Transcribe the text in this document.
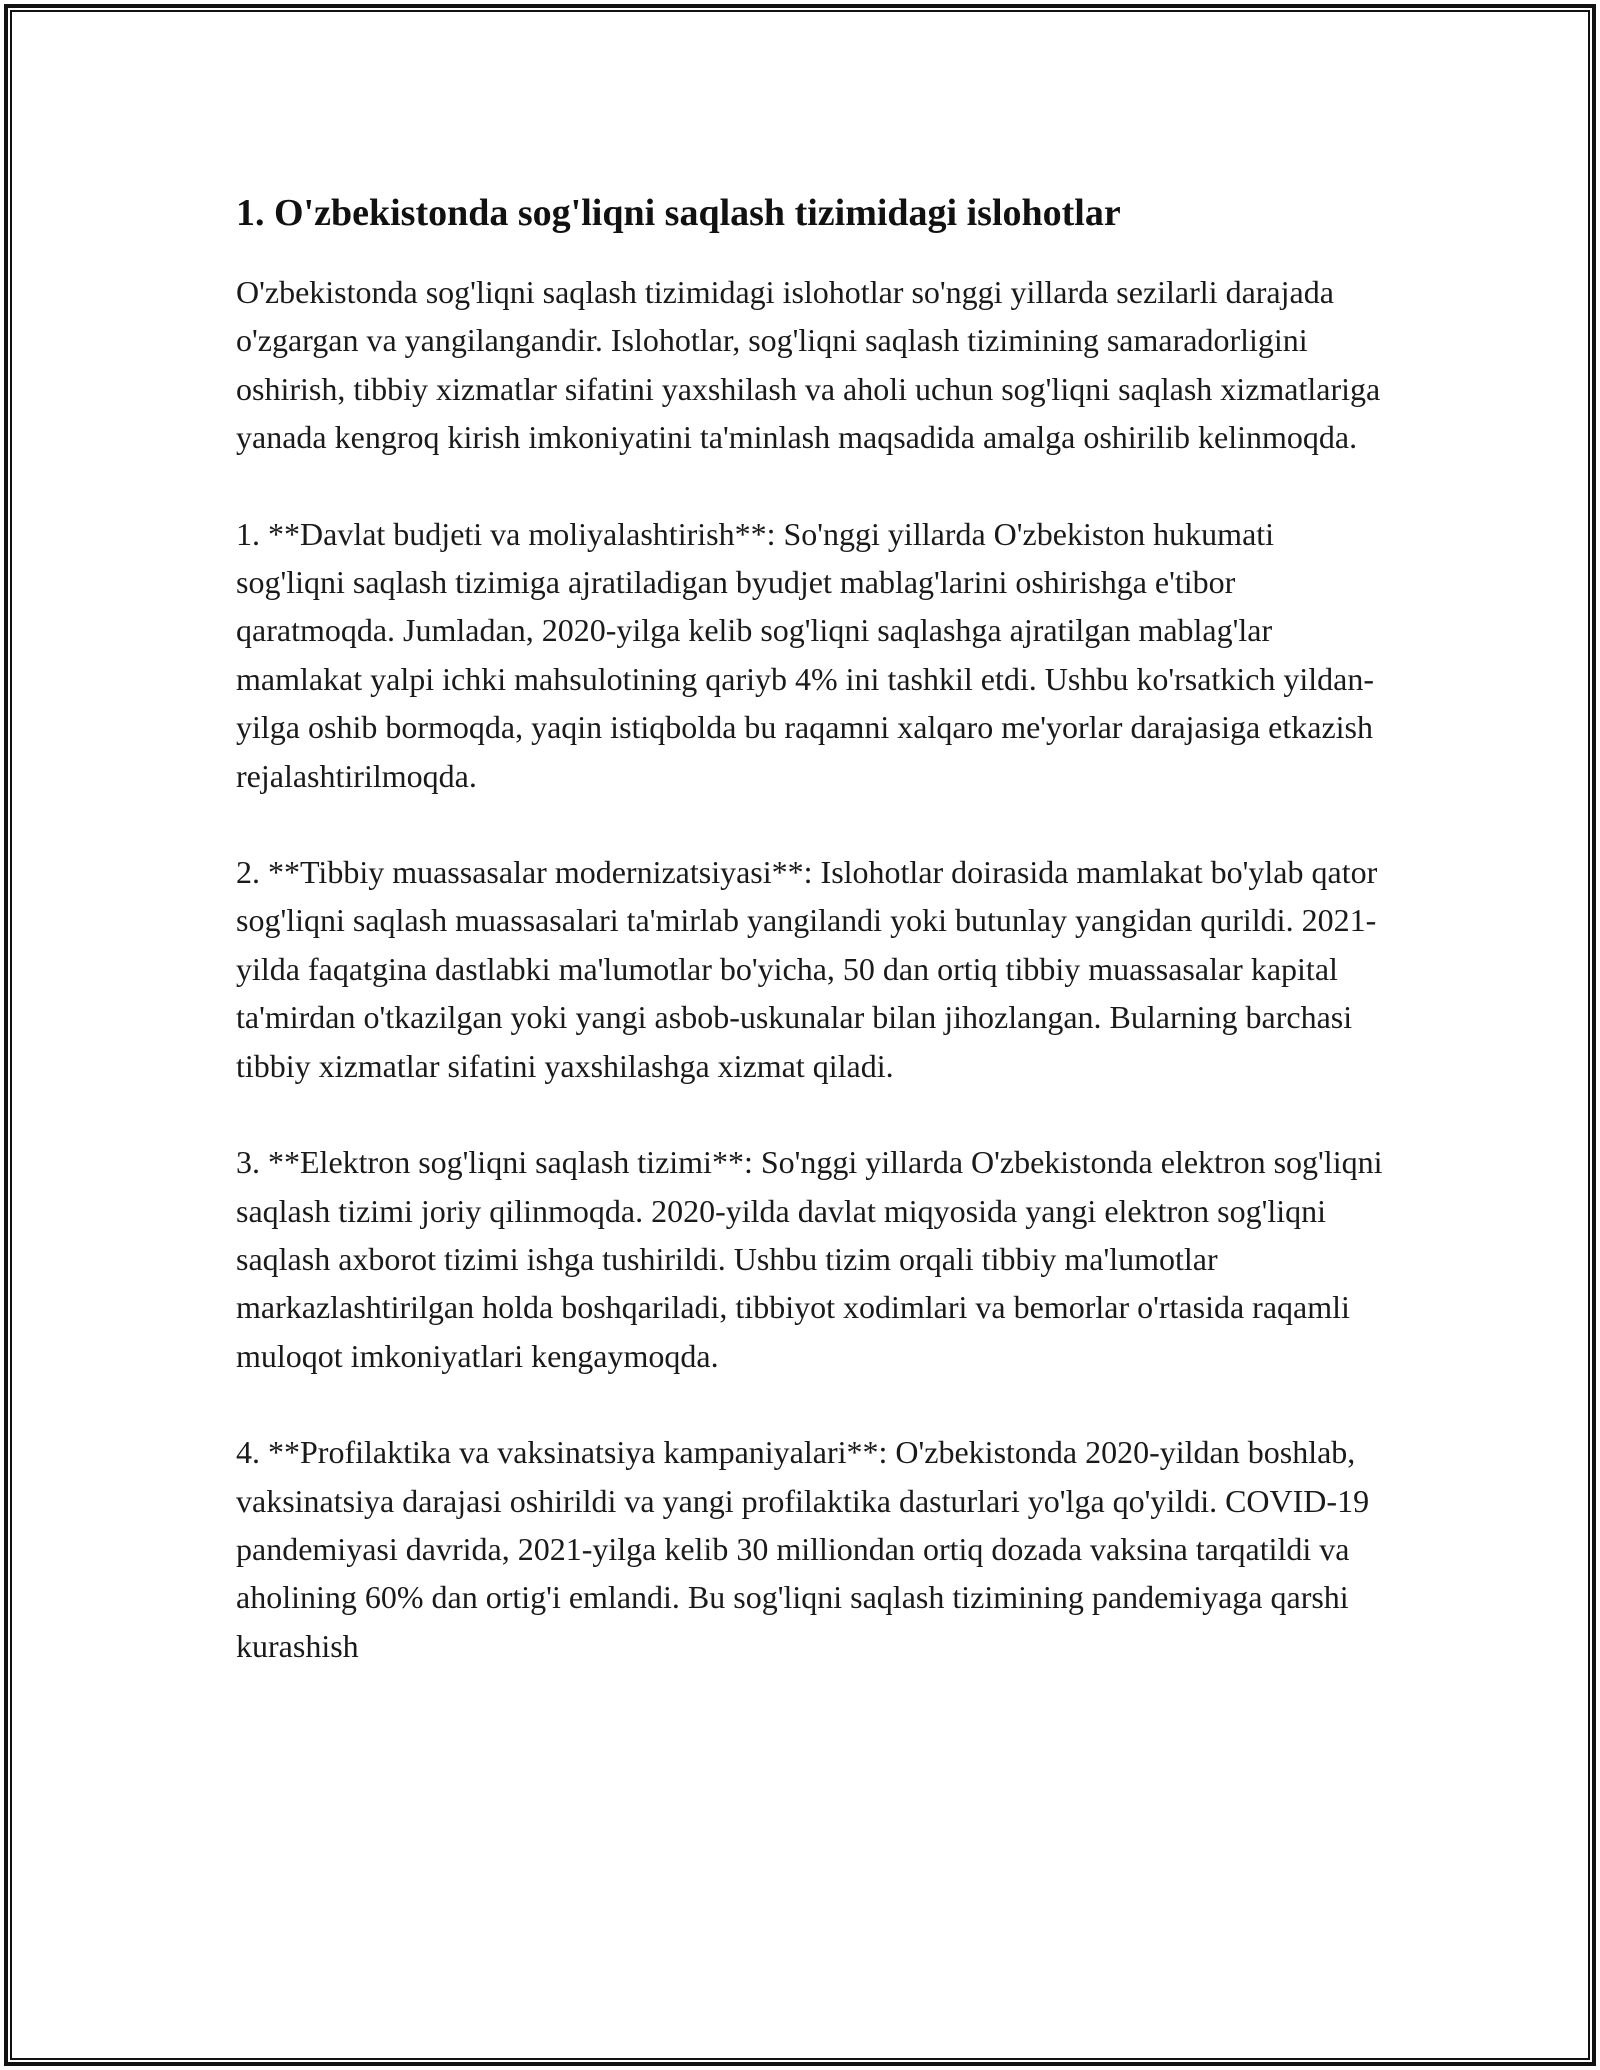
1. O'zbekistonda sog'liqni saqlash tizimidagi islohotlar

O'zbekistonda sog'liqni saqlash tizimidagi islohotlar so'nggi yillarda sezilarli darajada o'zgargan va yangilangandir. Islohotlar, sog'liqni saqlash tizimining samaradorligini oshirish, tibbiy xizmatlar sifatini yaxshilash va aholi uchun sog'liqni saqlash xizmatlariga yanada kengroq kirish imkoniyatini ta'minlash maqsadida amalga oshirilib kelinmoqda.

1. **Davlat budjeti va moliyalashtirish**: So'nggi yillarda O'zbekiston hukumati sog'liqni saqlash tizimiga ajratiladigan byudjet mablag'larini oshirishga e'tibor qaratmoqda. Jumladan, 2020-yilga kelib sog'liqni saqlashga ajratilgan mablag'lar mamlakat yalpi ichki mahsulotining qariyb 4% ini tashkil etdi. Ushbu ko'rsatkich yildan-yilga oshib bormoqda, yaqin istiqbolda bu raqamni xalqaro me'yorlar darajasiga etkazish rejalashtirilmoqda.

2. **Tibbiy muassasalar modernizatsiyasi**: Islohotlar doirasida mamlakat bo'ylab qator sog'liqni saqlash muassasalari ta'mirlab yangilandi yoki butunlay yangidan qurildi. 2021-yilda faqatgina dastlabki ma'lumotlar bo'yicha, 50 dan ortiq tibbiy muassasalar kapital ta'mirdan o'tkazilgan yoki yangi asbob-uskunalar bilan jihozlangan. Bularning barchasi tibbiy xizmatlar sifatini yaxshilashga xizmat qiladi.

3. **Elektron sog'liqni saqlash tizimi**: So'nggi yillarda O'zbekistonda elektron sog'liqni saqlash tizimi joriy qilinmoqda. 2020-yilda davlat miqyosida yangi elektron sog'liqni saqlash axborot tizimi ishga tushirildi. Ushbu tizim orqali tibbiy ma'lumotlar markazlashtirilgan holda boshqariladi, tibbiyot xodimlari va bemorlar o'rtasida raqamli muloqot imkoniyatlari kengaymoqda.

4. **Profilaktika va vaksinatsiya kampaniyalari**: O'zbekistonda 2020-yildan boshlab, vaksinatsiya darajasi oshirildi va yangi profilaktika dasturlari yo'lga qo'yildi. COVID-19 pandemiyasi davrida, 2021-yilga kelib 30 milliondan ortiq dozada vaksina tarqatildi va aholining 60% dan ortig'i emlandi. Bu sog'liqni saqlash tizimining pandemiyaga qarshi kurashish
